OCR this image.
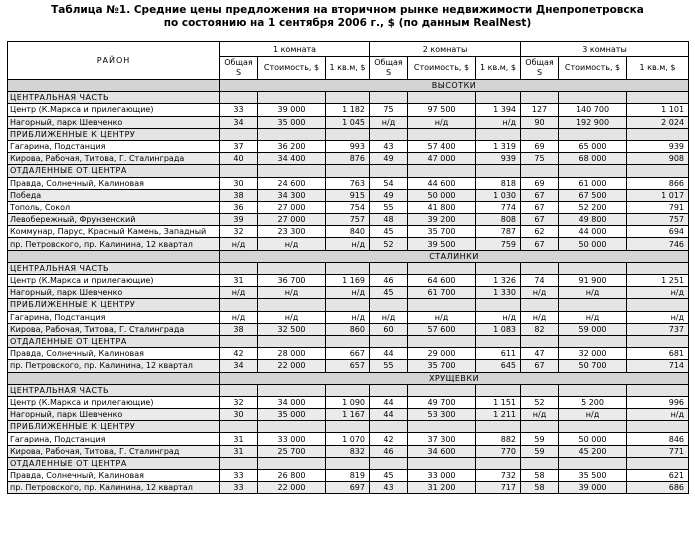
Таблица №1. Средние цены предложения на вторичном рынке недвижимости Днепропетровска
по состоянию на 1 сентября 2006 г., $ (по данным RealNest)
РАЙОН	1 комната			2 комнаты			3 комнаты		
	Общая S	Стоимость, $	1 кв.м, $	Общая S	Стоимость, $	1 кв.м, $	Общая S	Стоимость, $	1 кв.м, $
	ВЫСОТКИ								
ЦЕНТРАЛЬНАЯ ЧАСТЬ									
Центр (К.Маркса и прилегающие)	33	39 000	1 182	75	97 500	1 394	127	140 700	1 101
Нагорный, парк Шевченко	34	35 000	1 045	н/д	н/д	н/д	90	192 900	2 024
ПРИБЛИЖЕННЫЕ К ЦЕНТРУ									
Гагарина, Подстанция	37	36 200	993	43	57 400	1 319	69	65 000	939
Кирова, Рабочая, Титова, Г. Сталинграда	40	34 400	876	49	47 000	939	75	68 000	908
ОТДАЛЕННЫЕ ОТ ЦЕНТРА									
Правда, Солнечный, Калиновая	30	24 600	763	54	44 600	818	69	61 000	866
Победа	38	34 300	915	49	50 000	1 030	67	67 500	1 017
Тополь, Сокол	36	27 000	754	55	41 800	774	67	52 200	791
Левобережный, Фрунзенский	39	27 000	757	48	39 200	808	67	49 800	757
Коммунар, Парус, Красный Камень, Западный	32	23 300	840	45	35 700	787	62	44 000	694
пр. Петровского, пр. Калинина, 12 квартал	н/д	н/д	н/д	52	39 500	759	67	50 000	746
	СТАЛИНКИ								
ЦЕНТРАЛЬНАЯ ЧАСТЬ									
Центр (К.Маркса и прилегающие)	31	36 700	1 169	46	64 600	1 326	74	91 900	1 251
Нагорный, парк Шевченко	н/д	н/д	н/д	45	61 700	1 330	н/д	н/д	н/д
ПРИБЛИЖЕННЫЕ К ЦЕНТРУ									
Гагарина, Подстанция	н/д	н/д	н/д	н/д	н/д	н/д	н/д	н/д	н/д
Кирова, Рабочая, Титова, Г. Сталинграда	38	32 500	860	60	57 600	1 083	82	59 000	737
ОТДАЛЕННЫЕ ОТ ЦЕНТРА									
Правда, Солнечный, Калиновая	42	28 000	667	44	29 000	611	47	32 000	681
пр. Петровского, пр. Калинина, 12 квартал	34	22 000	657	55	35 700	645	67	50 700	714
	ХРУЩЕВКИ								
ЦЕНТРАЛЬНАЯ ЧАСТЬ									
Центр (К.Маркса и прилегающие)	32	34 000	1 090	44	49 700	1 151	52	5 200	996
Нагорный, парк Шевченко	30	35 000	1 167	44	53 300	1 211	н/д	н/д	н/д
ПРИБЛИЖЕННЫЕ К ЦЕНТРУ									
Гагарина, Подстанция	31	33 000	1 070	42	37 300	882	59	50 000	846
Кирова, Рабочая, Титова, Г. Сталинград	31	25 700	832	46	34 600	770	59	45 200	771
ОТДАЛЕННЫЕ ОТ ЦЕНТРА									
Правда, Солнечный, Калиновая	33	26 800	819	45	33 000	732	58	35 500	621
пр. Петровского, пр. Калинина, 12 квартал	33	22 000	697	43	31 200	717	58	39 000	686
